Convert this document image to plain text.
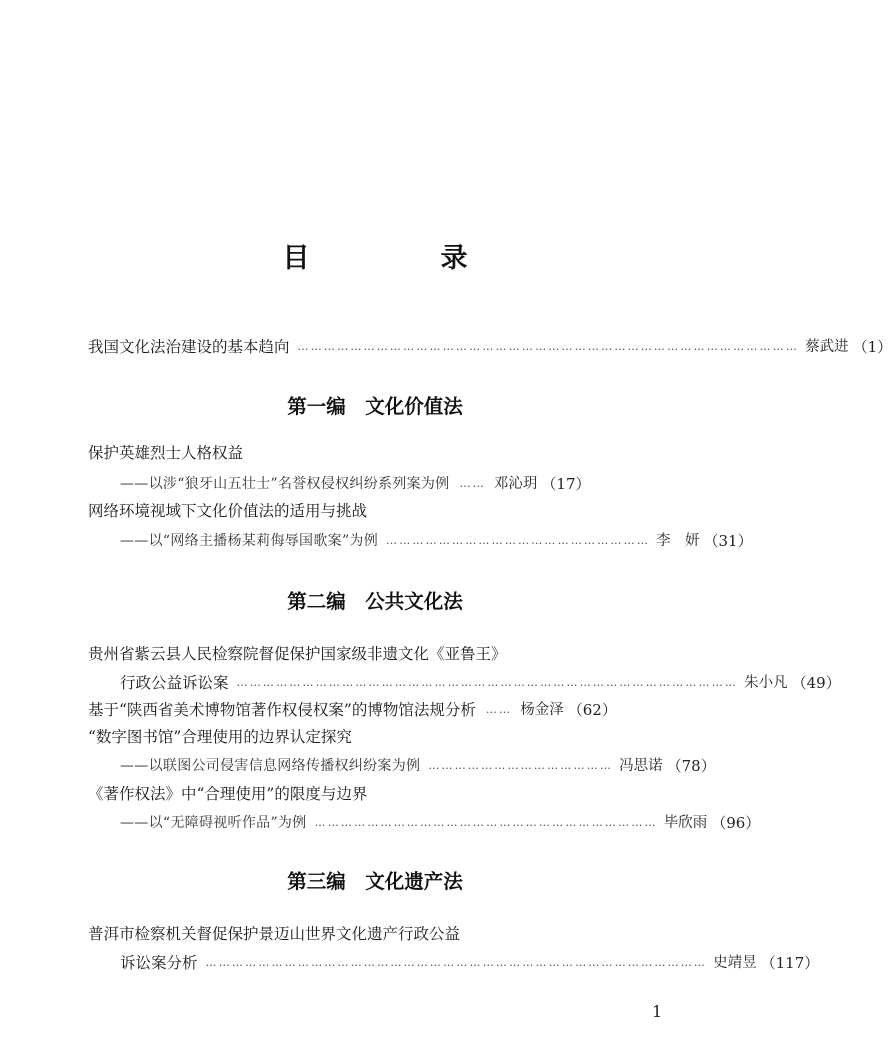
目　录
我国文化法治建设的基本趋向 …………………………………………………………………………………………………… 蔡武进 （1）
第一编　文化价值法
保护英雄烈士人格权益
——以涉“狼牙山五壮士”名誉权侵权纠纷系列案为例 …… 邓沁玥 （17）
网络环境视域下文化价值法的适用与挑战
——以“网络主播杨某莉侮辱国歌案”为例 …………………………………………………… 李　妍 （31）
第二编　公共文化法
贵州省紫云县人民检察院督促保护国家级非遗文化《亚鲁王》
行政公益诉讼案 …………………………………………………………………………………………………… 朱小凡 （49）
基于“陕西省美术博物馆著作权侵权案”的博物馆法规分析 …… 杨金泽 （62）
“数字图书馆”合理使用的边界认定探究
——以联图公司侵害信息网络传播权纠纷案为例 …………………………………… 冯思诺 （78）
《著作权法》中“合理使用”的限度与边界
——以“无障碍视听作品”为例 …………………………………………………………………… 毕欣雨 （96）
第三编　文化遗产法
普洱市检察机关督促保护景迈山世界文化遗产行政公益
诉讼案分析 …………………………………………………………………………………………………… 史靖昱 （117）
1
